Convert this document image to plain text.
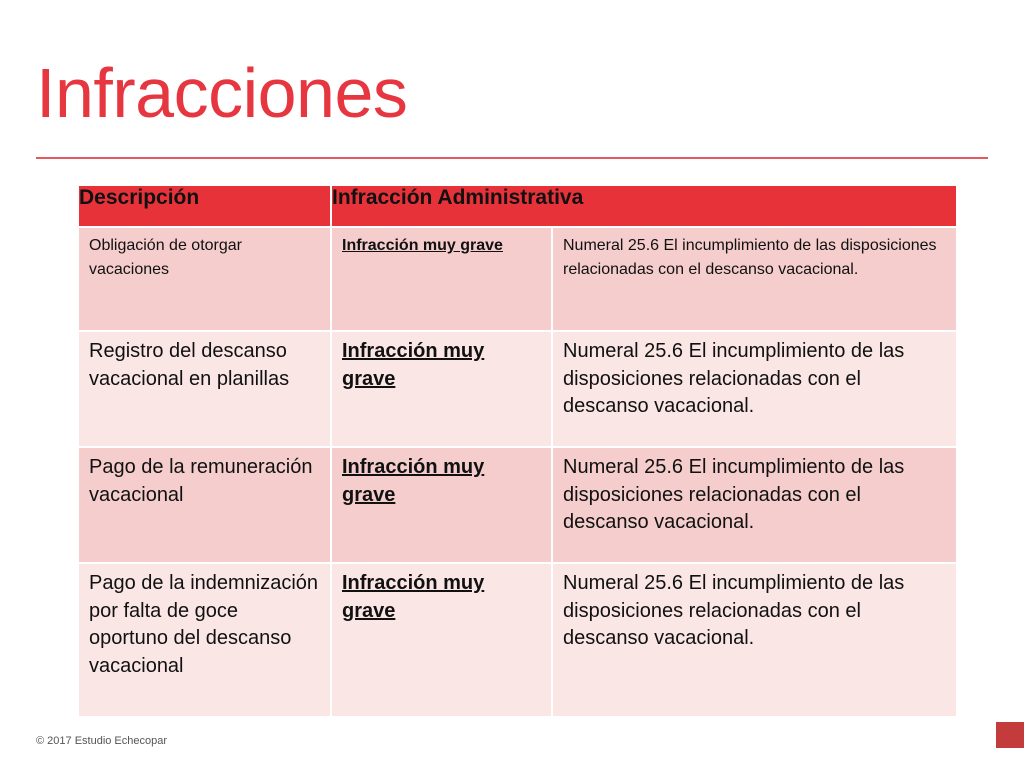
Infracciones
Descripción	Infracción Administrativa	
Obligación de otorgar vacaciones	Infracción muy grave	Numeral 25.6 El incumplimiento de las disposiciones relacionadas con el descanso vacacional.
Registro del descanso vacacional en planillas	Infracción muy grave	Numeral 25.6 El incumplimiento de las disposiciones relacionadas con el descanso vacacional.
Pago de la remuneración vacacional	Infracción muy grave	Numeral 25.6 El incumplimiento de las disposiciones relacionadas con el descanso vacacional.
Pago de la indemnización por falta de goce oportuno del descanso vacacional	Infracción muy grave	Numeral 25.6 El incumplimiento de las disposiciones relacionadas con el descanso vacacional.
© 2017 Estudio Echecopar
